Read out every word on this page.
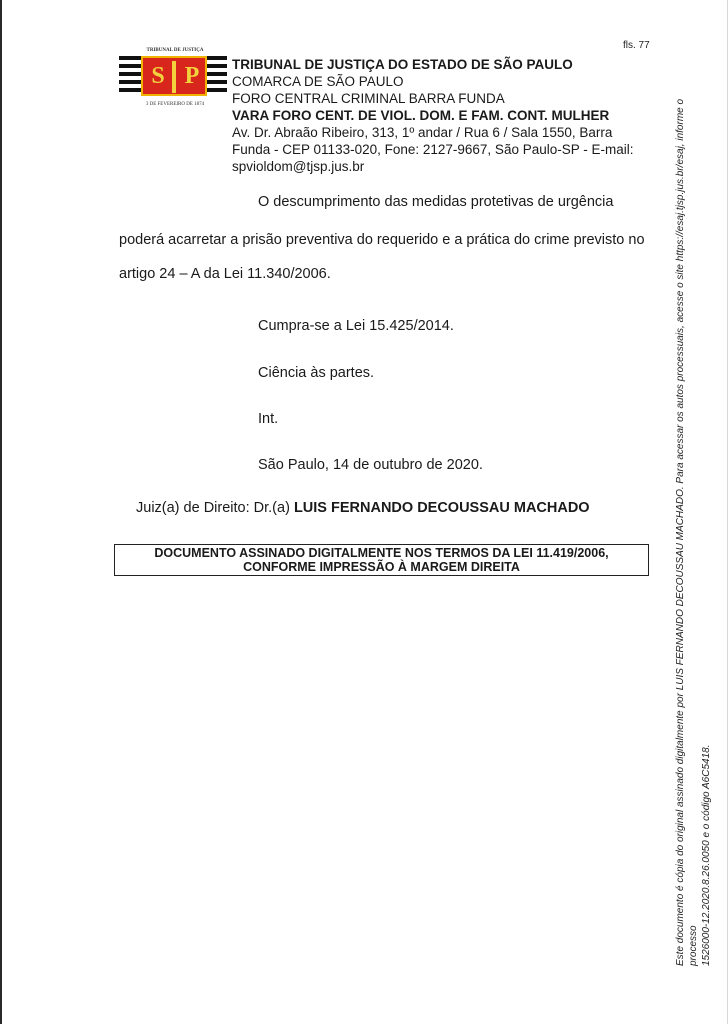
fls. 77
TRIBUNAL DE JUSTIÇA
S P
3 DE FEVEREIRO DE 1874
TRIBUNAL DE JUSTIÇA DO ESTADO DE SÃO PAULO
COMARCA DE SÃO PAULO
FORO CENTRAL CRIMINAL BARRA FUNDA
VARA FORO CENT. DE VIOL. DOM. E FAM. CONT. MULHER
Av. Dr. Abraão Ribeiro, 313, 1º andar / Rua 6 / Sala 1550, Barra
Funda - CEP 01133-020, Fone: 2127-9667, São Paulo-SP - E-mail:
spvioldom@tjsp.jus.br
O descumprimento das medidas protetivas de urgência
poderá acarretar a prisão preventiva do requerido e a prática do crime previsto no
artigo 24 – A da Lei 11.340/2006.
Cumpra-se a Lei 15.425/2014.
Ciência às partes.
Int.
São Paulo, 14 de outubro de 2020.
Juiz(a) de Direito: Dr.(a) LUIS FERNANDO DECOUSSAU MACHADO
DOCUMENTO ASSINADO DIGITALMENTE NOS TERMOS DA LEI 11.419/2006,
CONFORME IMPRESSÃO À MARGEM DIREITA	Este documento é cópia do original assinado digitalmente por LUIS FERNANDO DECOUSSAU MACHADO. Para acessar os autos processuais, acesse o site https://esaj.tjsp.jus.br/esaj, informe o processo 1526000-12.2020.8.26.0050 e o código A6C5418.
